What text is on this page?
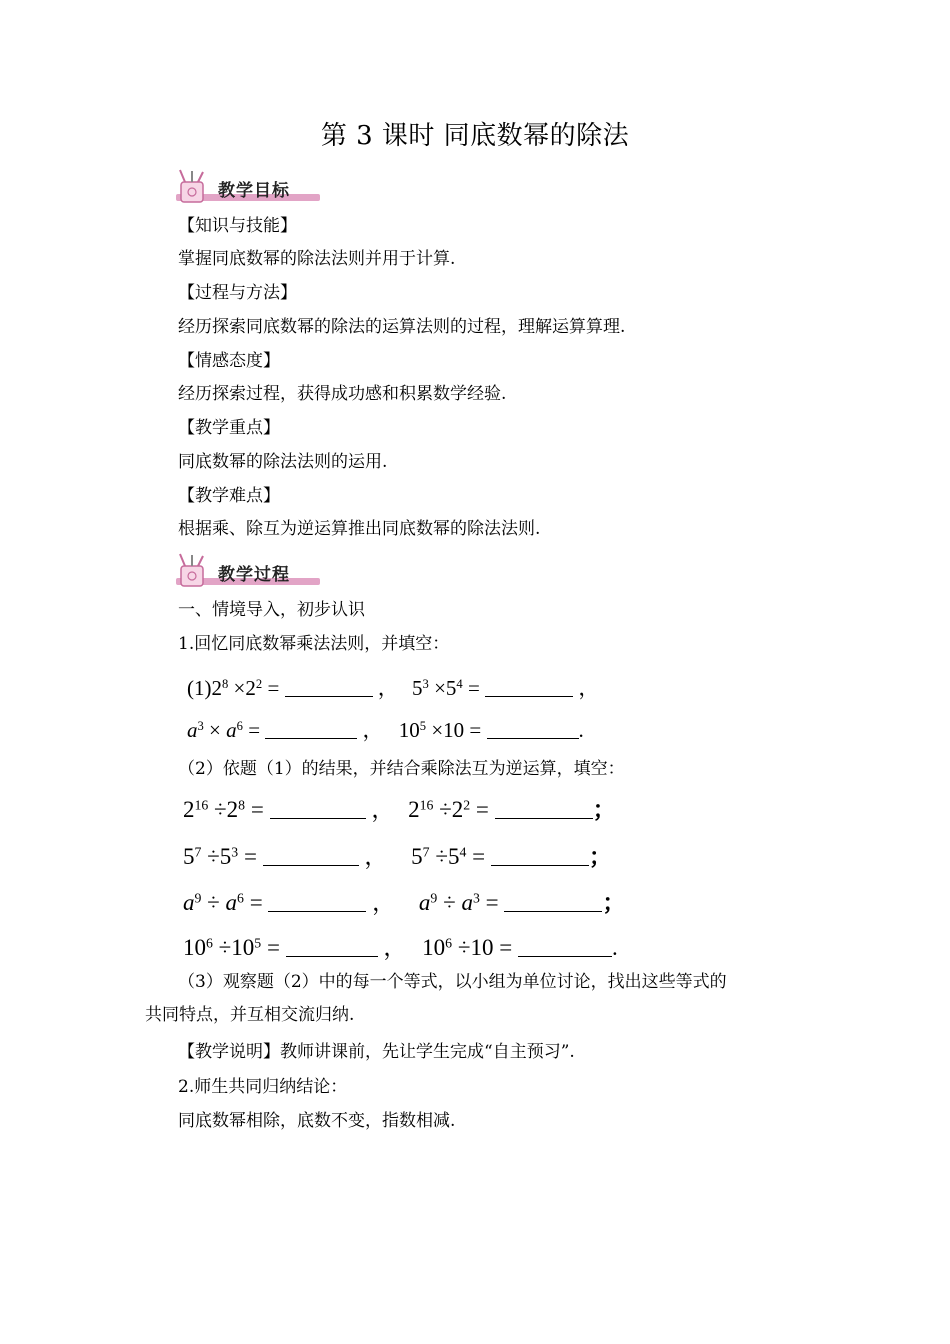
第 3 课时 同底数幂的除法
教学目标
【知识与技能】
掌握同底数幂的除法法则并用于计算.
【过程与方法】
经历探索同底数幂的除法的运算法则的过程，理解运算算理.
【情感态度】
经历探索过程，获得成功感和积累数学经验.
【教学重点】
同底数幂的除法法则的运用.
【教学难点】
根据乘、除互为逆运算推出同底数幂的除法法则.
教学过程
一、情境导入，初步认识
1.回忆同底数幂乘法法则，并填空：
$(1)2^8 \times 2^2$ =	， $5^3 \times 5^4$ =	，
$a^3 \times a^6$ =	， $10^5 \times 10$ =	.
（2）依题（1）的结果，并结合乘除法互为逆运算，填空：
$2^{16} \div 2^8$ =	， $2^{16} \div 2^2$ =	；
$5^7 \div 5^3$ =	， $5^7 \div 5^4$ =	；
$a^9 \div a^6$ =	， $a^9 \div a^3$ =	；
$10^6 \div 10^5$ =	， $10^6 \div 10$ =	.
（3）观察题（2）中的每一个等式，以小组为单位讨论，找出这些等式的
共同特点，并互相交流归纳.
【教学说明】教师讲课前，先让学生完成“自主预习”.
2.师生共同归纳结论：
同底数幂相除，底数不变，指数相减.
